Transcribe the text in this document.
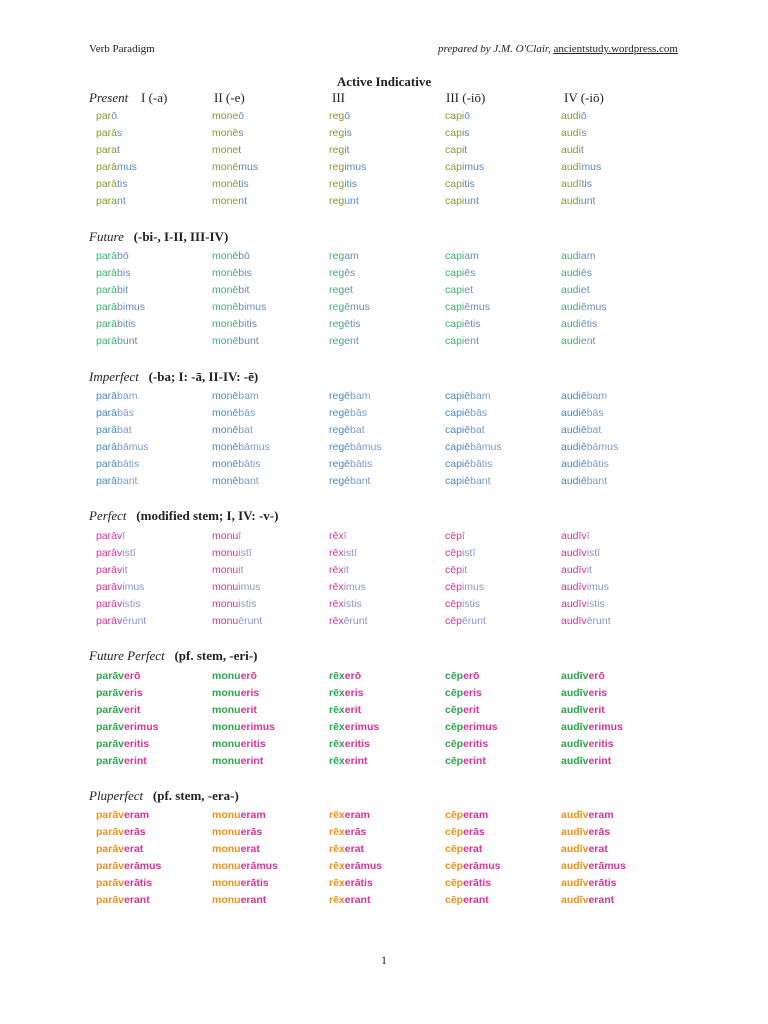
Verb Paradigm	prepared by J.M. O'Clair, ancientstudy.wordpress.com
Active Indicative
Present I (-a)	II (-e)	III	III (-iō)	IV (-iō)
parō	moneō	regō	capiō	audiō
parās	monēs	regis	capis	audīs
parat	monet	regit	capit	audit
parāmus	monēmus	regimus	capimus	audīmus
parātis	monētis	regitis	capitis	audītis
parant	monent	regunt	capiunt	audiunt
Future (-bi-, I-II, III-IV)
parābō	monēbō	regam	capiam	audiam
parābis	monēbis	regēs	capiēs	audiēs
parābit	monēbit	reget	capiet	audiet
parābimus	monēbimus	regēmus	capiēmus	audiēmus
parābitis	monēbitis	regētis	capiētis	audiētis
parābunt	monēbunt	regent	capient	audient
Imperfect (-ba; I: -ā, II-IV: -ē)
parābam	monēbam	regēbam	capiēbam	audiēbam
parābās	monēbās	regēbās	capiēbās	audiēbās
parābat	monēbat	regēbat	capiēbat	audiēbat
parābāmus	monēbāmus	regēbāmus	capiēbāmus	audiēbāmus
parābātis	monēbātis	regēbātis	capiēbātis	audiēbātis
parābant	monēbant	regēbant	capiēbant	audiēbant
Perfect (modified stem; I, IV: -v-)
parāvī	monuī	rēxī	cēpī	audīvī
parāvistī	monuistī	rēxistī	cēpistī	audīvistī
parāvit	monuit	rēxit	cēpit	audīvit
parāvimus	monuimus	rēximus	cēpimus	audīvimus
parāvistis	monuistis	rēxistis	cēpistis	audīvistis
parāvērunt	monuērunt	rēxērunt	cēpērunt	audīvērunt
Future Perfect (pf. stem, -eri-)
parāverō	monuerō	rēxerō	cēperō	audīverō
parāveris	monueris	rēxeris	cēperis	audīveris
parāverit	monuerit	rēxerit	cēperit	audīverit
parāverimus	monuerimus	rēxerimus	cēperimus	audīverimus
parāveritis	monueritis	rēxeritis	cēperitis	audīveritis
parāverint	monuerint	rēxerint	cēperint	audīverint
Pluperfect (pf. stem, -era-)
parāveram	monueram	rēxeram	cēperam	audīveram
parāverās	monuerās	rēxerās	cēperās	audīverās
parāverat	monuerat	rēxerat	cēperat	audīverat
parāverāmus	monuerāmus	rēxerāmus	cēperāmus	audīverāmus
parāverātis	monuerātis	rēxerātis	cēperātis	audīverātis
parāverant	monuerant	rēxerant	cēperant	audīverant
1
